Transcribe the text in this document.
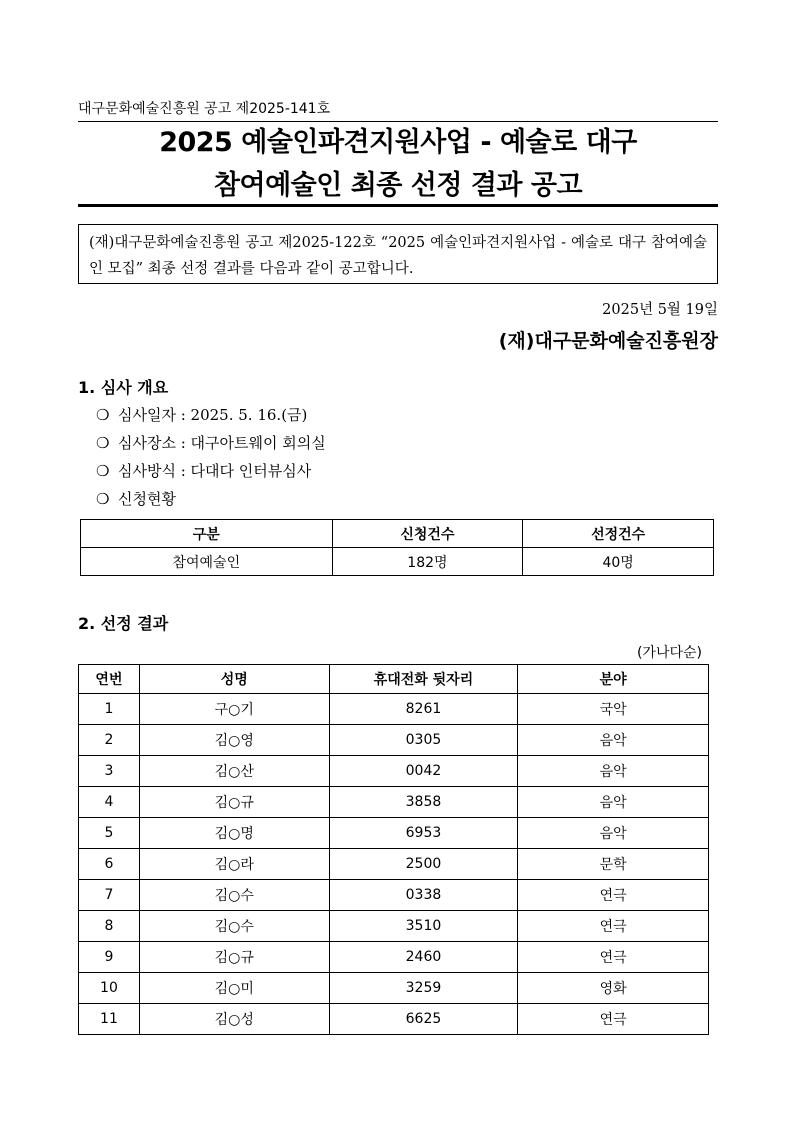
대구문화예술진흥원 공고 제2025-141호
2025 예술인파견지원사업 - 예술로 대구
참여예술인 최종 선정 결과 공고
(재)대구문화예술진흥원 공고 제2025-122호 “2025 예술인파견지원사업 - 예술로 대구 참여예술인 모집” 최종 선정 결과를 다음과 같이 공고합니다.
2025년 5월 19일
(재)대구문화예술진흥원장
1. 심사 개요
❍ 심사일자 : 2025. 5. 16.(금)
❍ 심사장소 : 대구아트웨이 회의실
❍ 심사방식 : 다대다 인터뷰심사
❍ 신청현황
구분	신청건수	선정건수
참여예술인	182명	40명
2. 선정 결과
(가나다순)
연번	성명	휴대전화 뒷자리	분야
1	구○기	8261	국악
2	김○영	0305	음악
3	김○산	0042	음악
4	김○규	3858	음악
5	김○명	6953	음악
6	김○라	2500	문학
7	김○수	0338	연극
8	김○수	3510	연극
9	김○규	2460	연극
10	김○미	3259	영화
11	김○성	6625	연극
